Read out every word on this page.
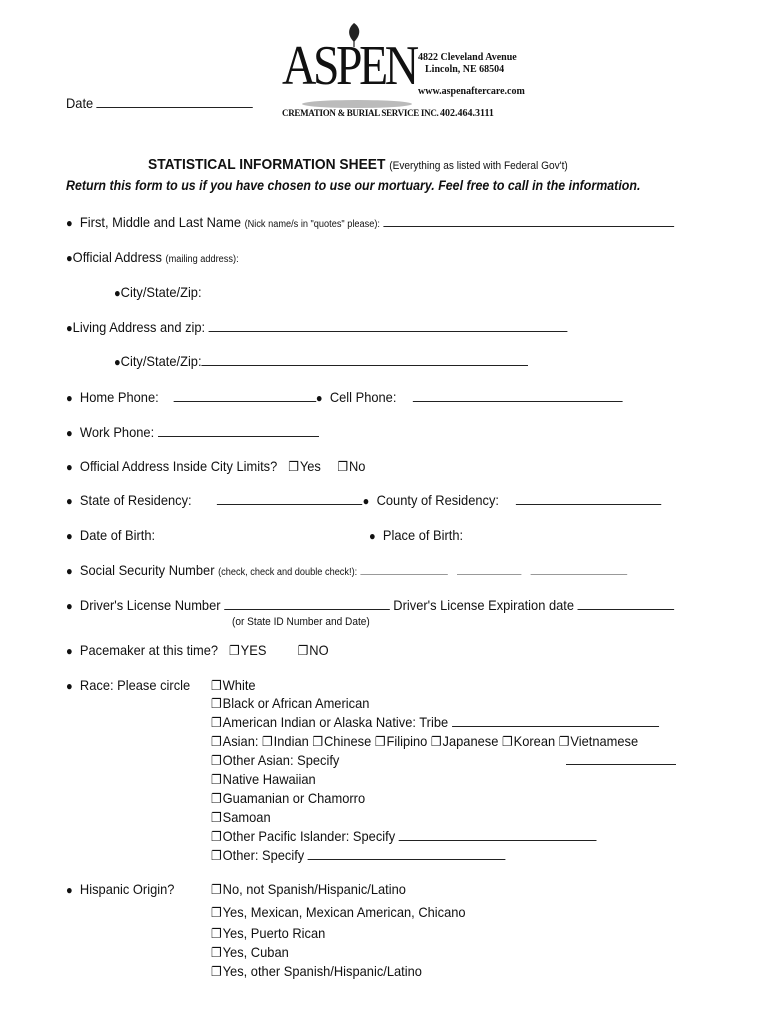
ASPEN
CREMATION & BURIAL SERVICE INC.
4822 Cleveland Avenue
Lincoln, NE 68504
www.aspenaftercare.com
402.464.3111
Date
STATISTICAL INFORMATION SHEET (Everything as listed with Federal Gov't)
Return this form to us if you have chosen to use our mortuary. Feel free to call in the information.
● First, Middle and Last Name (Nick name/s in "quotes" please):
●Official Address (mailing address):
●City/State/Zip:
●Living Address and zip:
●City/State/Zip:
● Home Phone:	● Cell Phone:
● Work Phone:
● Official Address Inside City Limits? ❐Yes ❐No
● State of Residency:	● County of Residency:
● Date of Birth:	● Place of Birth:
● Social Security Number (check, check and double check!):
● Driver's License Number	Driver's License Expiration date
(or State ID Number and Date)
● Pacemaker at this time? ❐YES ❐NO
● Race: Please circle ❐White
❐Black or African American
❐American Indian or Alaska Native: Tribe
❐Asian: ❐Indian ❐Chinese ❐Filipino ❐Japanese ❐Korean ❐Vietnamese
❐Other Asian: Specify
❐Native Hawaiian
❐Guamanian or Chamorro
❐Samoan
❐Other Pacific Islander: Specify
❐Other: Specify
● Hispanic Origin?	❐No, not Spanish/Hispanic/Latino
❐Yes, Mexican, Mexican American, Chicano
❐Yes, Puerto Rican
❐Yes, Cuban
❐Yes, other Spanish/Hispanic/Latino
